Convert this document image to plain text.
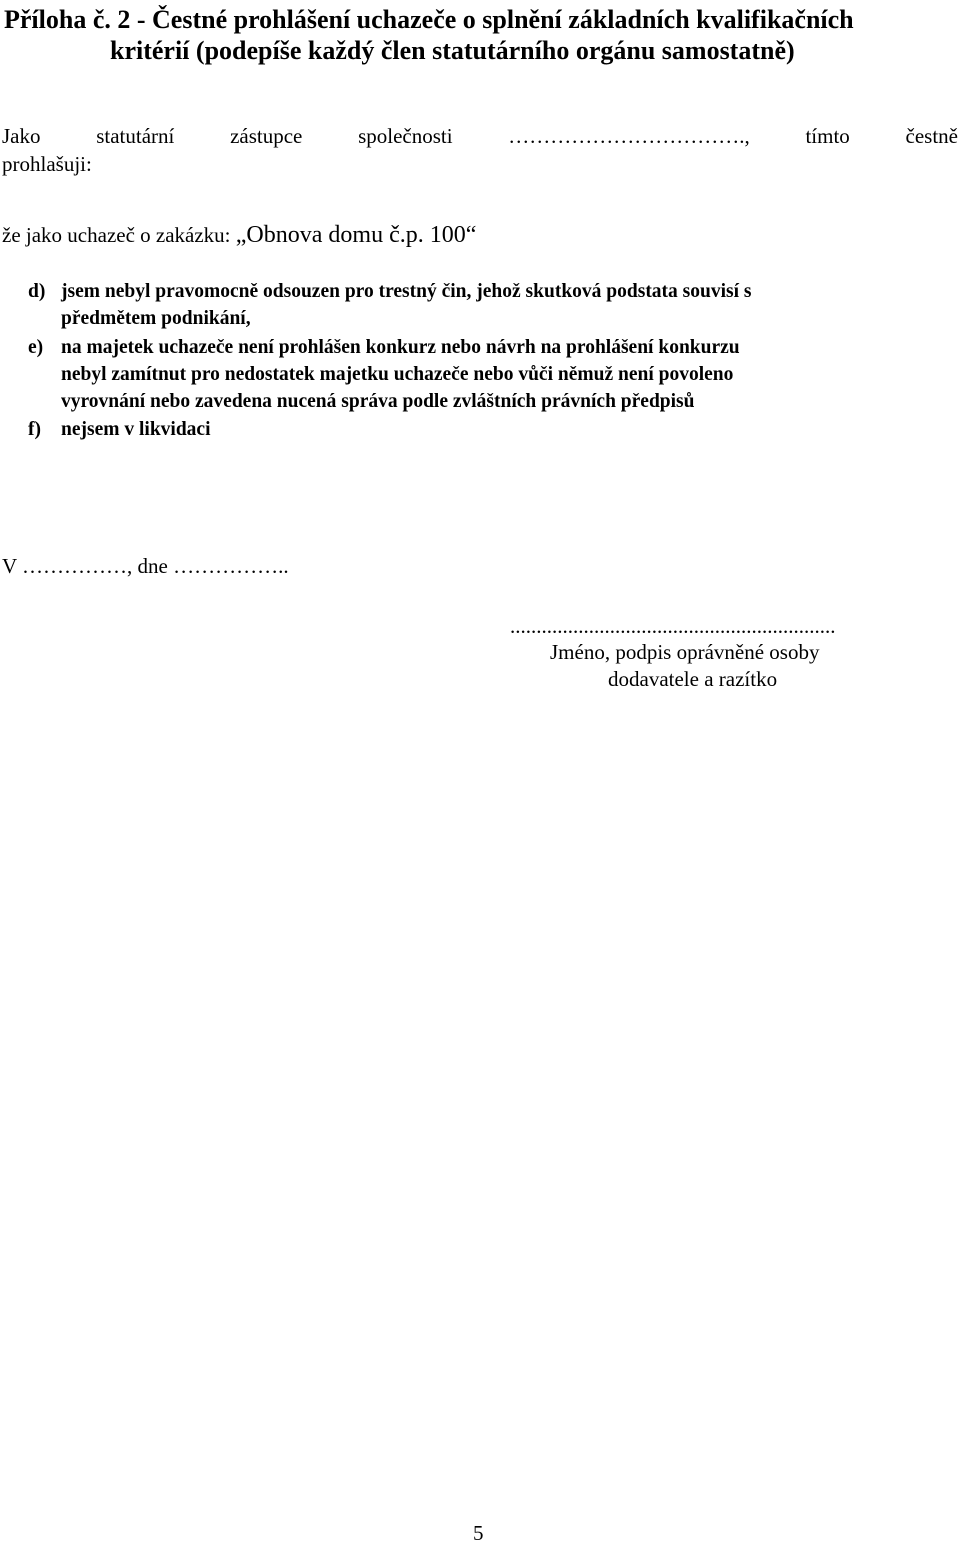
Příloha č. 2 - Čestné prohlášení uchazeče o splnění základních kvalifikačních
kritérií (podepíše každý člen statutárního orgánu samostatně)
Jako	statutární	zástupce	společnosti	…………………………….,	tímto	čestně
prohlašuji:
že jako uchazeč o zakázku: „Obnova domu č.p. 100“
d) jsem nebyl pravomocně odsouzen pro trestný čin, jehož skutková podstata souvisí s
předmětem podnikání,
e) na majetek uchazeče není prohlášen konkurz nebo návrh na prohlášení konkurzu
nebyl zamítnut pro nedostatek majetku uchazeče nebo vůči němuž není povoleno
vyrovnání nebo zavedena nucená správa podle zvláštních právních předpisů
f) nejsem v likvidaci
V ……………, dne ……………..
..............................................................
Jméno, podpis oprávněné osoby
dodavatele a razítko
5
